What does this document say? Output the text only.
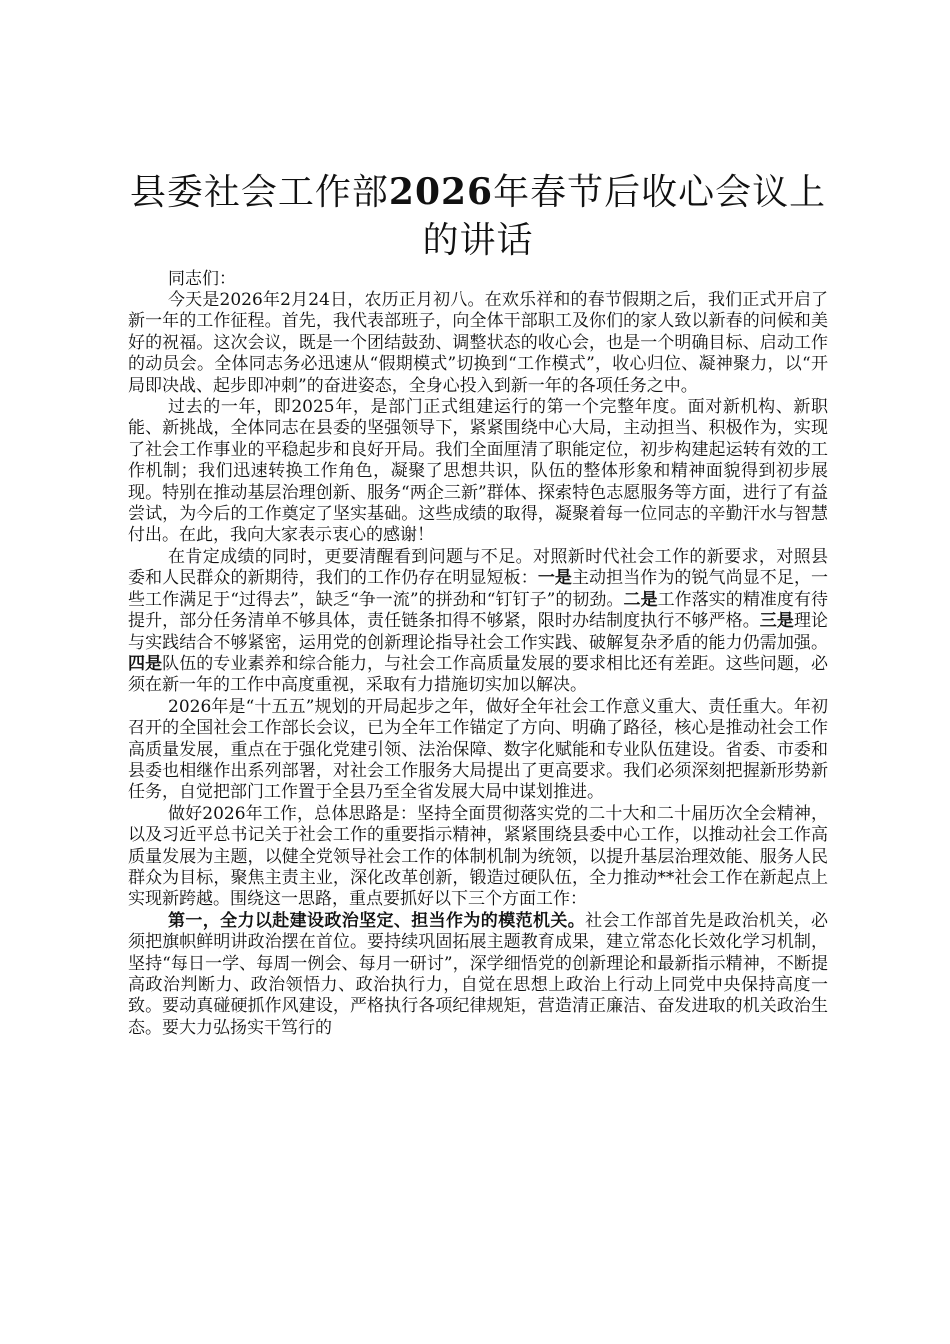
县委社会工作部2026年春节后收心会议上的讲话
同志们：

今天是2026年2月24日，农历正月初八。在欢乐祥和的春节假期之后，我们正式开启了新一年的工作征程。首先，我代表部班子，向全体干部职工及你们的家人致以新春的问候和美好的祝福。这次会议，既是一个团结鼓劲、调整状态的收心会，也是一个明确目标、启动工作的动员会。全体同志务必迅速从“假期模式”切换到“工作模式”，收心归位、凝神聚力，以“开局即决战、起步即冲刺”的奋进姿态，全身心投入到新一年的各项任务之中。

过去的一年，即2025年，是部门正式组建运行的第一个完整年度。面对新机构、新职能、新挑战，全体同志在县委的坚强领导下，紧紧围绕中心大局，主动担当、积极作为，实现了社会工作事业的平稳起步和良好开局。我们全面厘清了职能定位，初步构建起运转有效的工作机制；我们迅速转换工作角色，凝聚了思想共识，队伍的整体形象和精神面貌得到初步展现。特别在推动基层治理创新、服务“两企三新”群体、探索特色志愿服务等方面，进行了有益尝试，为今后的工作奠定了坚实基础。这些成绩的取得，凝聚着每一位同志的辛勤汗水与智慧付出。在此，我向大家表示衷心的感谢！

在肯定成绩的同时，更要清醒看到问题与不足。对照新时代社会工作的新要求，对照县委和人民群众的新期待，我们的工作仍存在明显短板：一是主动担当作为的锐气尚显不足，一些工作满足于“过得去”，缺乏“争一流”的拼劲和“钉钉子”的韧劲。二是工作落实的精准度有待提升，部分任务清单不够具体，责任链条扣得不够紧，限时办结制度执行不够严格。三是理论与实践结合不够紧密，运用党的创新理论指导社会工作实践、破解复杂矛盾的能力仍需加强。四是队伍的专业素养和综合能力，与社会工作高质量发展的要求相比还有差距。这些问题，必须在新一年的工作中高度重视，采取有力措施切实加以解决。

2026年是“十五五”规划的开局起步之年，做好全年社会工作意义重大、责任重大。年初召开的全国社会工作部长会议，已为全年工作锚定了方向、明确了路径，核心是推动社会工作高质量发展，重点在于强化党建引领、法治保障、数字化赋能和专业队伍建设。省委、市委和县委也相继作出系列部署，对社会工作服务大局提出了更高要求。我们必须深刻把握新形势新任务，自觉把部门工作置于全县乃至全省发展大局中谋划推进。

做好2026年工作，总体思路是：坚持全面贯彻落实党的二十大和二十届历次全会精神，以及习近平总书记关于社会工作的重要指示精神，紧紧围绕县委中心工作，以推动社会工作高质量发展为主题，以健全党领导社会工作的体制机制为统领，以提升基层治理效能、服务人民群众为目标，聚焦主责主业，深化改革创新，锻造过硬队伍，全力推动**社会工作在新起点上实现新跨越。围绕这一思路，重点要抓好以下三个方面工作：

第一，全力以赴建设政治坚定、担当作为的模范机关。社会工作部首先是政治机关，必须把旗帜鲜明讲政治摆在首位。要持续巩固拓展主题教育成果，建立常态化长效化学习机制，坚持“每日一学、每周一例会、每月一研讨”，深学细悟党的创新理论和最新指示精神，不断提高政治判断力、政治领悟力、政治执行力，自觉在思想上政治上行动上同党中央保持高度一致。要动真碰硬抓作风建设，严格执行各项纪律规矩，营造清正廉洁、奋发进取的机关政治生态。要大力弘扬实干笃行的
